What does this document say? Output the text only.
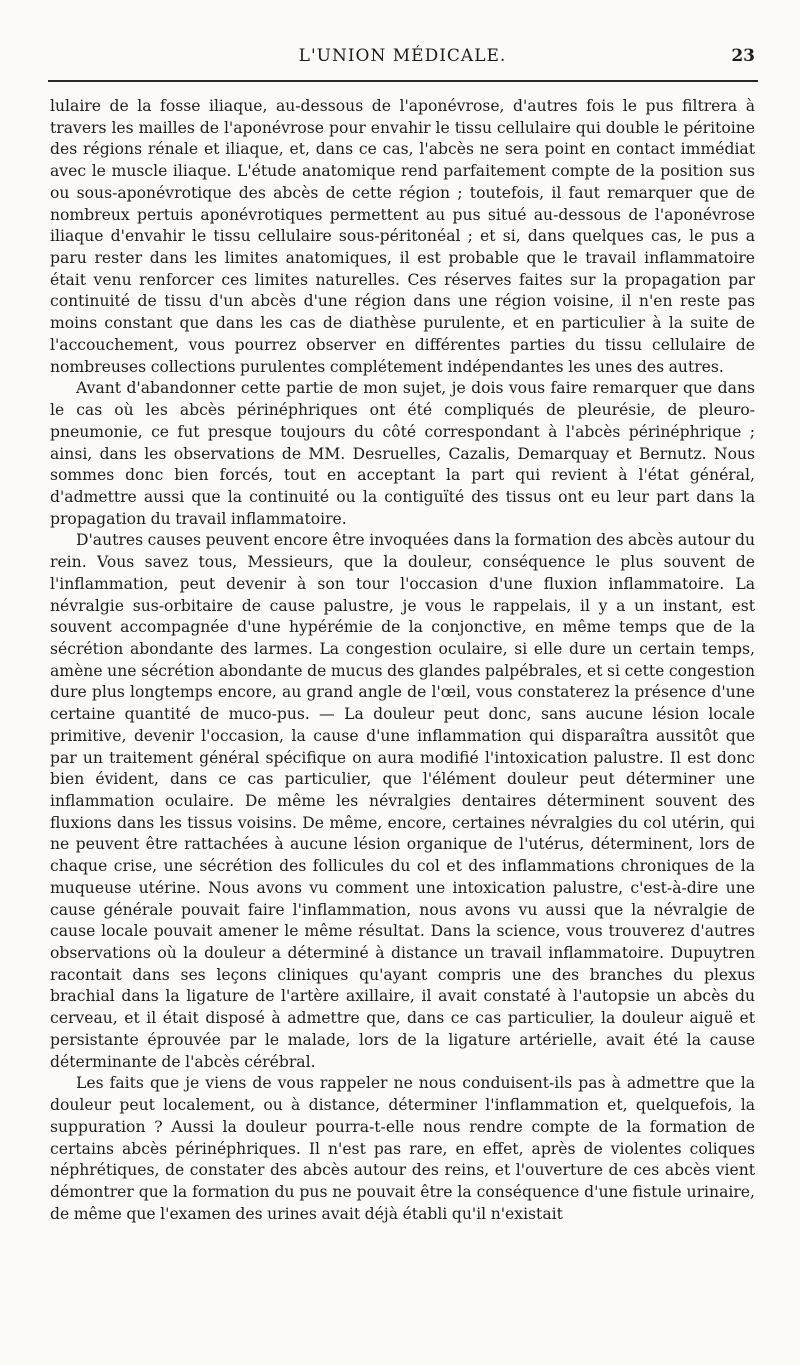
L'UNION MÉDICALE.	23

lulaire de la fosse iliaque, au-dessous de l'aponévrose, d'autres fois le pus filtrera à travers les mailles de l'aponévrose pour envahir le tissu cellulaire qui double le péritoine des régions rénale et iliaque, et, dans ce cas, l'abcès ne sera point en contact immédiat avec le muscle iliaque. L'étude anatomique rend parfaitement compte de la position sus ou sous-aponévrotique des abcès de cette région ; toutefois, il faut remarquer que de nombreux pertuis aponévrotiques permettent au pus situé au-dessous de l'aponévrose iliaque d'envahir le tissu cellulaire sous-péritonéal ; et si, dans quelques cas, le pus a paru rester dans les limites anatomiques, il est probable que le travail inflammatoire était venu renforcer ces limites naturelles. Ces réserves faites sur la propagation par continuité de tissu d'un abcès d'une région dans une région voisine, il n'en reste pas moins constant que dans les cas de diathèse purulente, et en particulier à la suite de l'accouchement, vous pourrez observer en différentes parties du tissu cellulaire de nombreuses collections purulentes complétement indépendantes les unes des autres.

Avant d'abandonner cette partie de mon sujet, je dois vous faire remarquer que dans le cas où les abcès périnéphriques ont été compliqués de pleurésie, de pleuro-pneumonie, ce fut presque toujours du côté correspondant à l'abcès périnéphrique ; ainsi, dans les observations de MM. Desruelles, Cazalis, Demarquay et Bernutz. Nous sommes donc bien forcés, tout en acceptant la part qui revient à l'état général, d'admettre aussi que la continuité ou la contiguïté des tissus ont eu leur part dans la propagation du travail inflammatoire.

D'autres causes peuvent encore être invoquées dans la formation des abcès autour du rein. Vous savez tous, Messieurs, que la douleur, conséquence le plus souvent de l'inflammation, peut devenir à son tour l'occasion d'une fluxion inflammatoire. La névralgie sus-orbitaire de cause palustre, je vous le rappelais, il y a un instant, est souvent accompagnée d'une hypérémie de la conjonctive, en même temps que de la sécrétion abondante des larmes. La congestion oculaire, si elle dure un certain temps, amène une sécrétion abondante de mucus des glandes palpébrales, et si cette congestion dure plus longtemps encore, au grand angle de l'œil, vous constaterez la présence d'une certaine quantité de muco-pus. — La douleur peut donc, sans aucune lésion locale primitive, devenir l'occasion, la cause d'une inflammation qui disparaîtra aussitôt que par un traitement général spécifique on aura modifié l'intoxication palustre. Il est donc bien évident, dans ce cas particulier, que l'élément douleur peut déterminer une inflammation oculaire. De même les névralgies dentaires déterminent souvent des fluxions dans les tissus voisins. De même, encore, certaines névralgies du col utérin, qui ne peuvent être rattachées à aucune lésion organique de l'utérus, déterminent, lors de chaque crise, une sécrétion des follicules du col et des inflammations chroniques de la muqueuse utérine. Nous avons vu comment une intoxication palustre, c'est-à-dire une cause générale pouvait faire l'inflammation, nous avons vu aussi que la névralgie de cause locale pouvait amener le même résultat. Dans la science, vous trouverez d'autres observations où la douleur a déterminé à distance un travail inflammatoire. Dupuytren racontait dans ses leçons cliniques qu'ayant compris une des branches du plexus brachial dans la ligature de l'artère axillaire, il avait constaté à l'autopsie un abcès du cerveau, et il était disposé à admettre que, dans ce cas particulier, la douleur aiguë et persistante éprouvée par le malade, lors de la ligature artérielle, avait été la cause déterminante de l'abcès cérébral.

Les faits que je viens de vous rappeler ne nous conduisent-ils pas à admettre que la douleur peut localement, ou à distance, déterminer l'inflammation et, quelquefois, la suppuration ? Aussi la douleur pourra-t-elle nous rendre compte de la formation de certains abcès périnéphriques. Il n'est pas rare, en effet, après de violentes coliques néphrétiques, de constater des abcès autour des reins, et l'ouverture de ces abcès vient démontrer que la formation du pus ne pouvait être la conséquence d'une fistule urinaire, de même que l'examen des urines avait déjà établi qu'il n'existait
